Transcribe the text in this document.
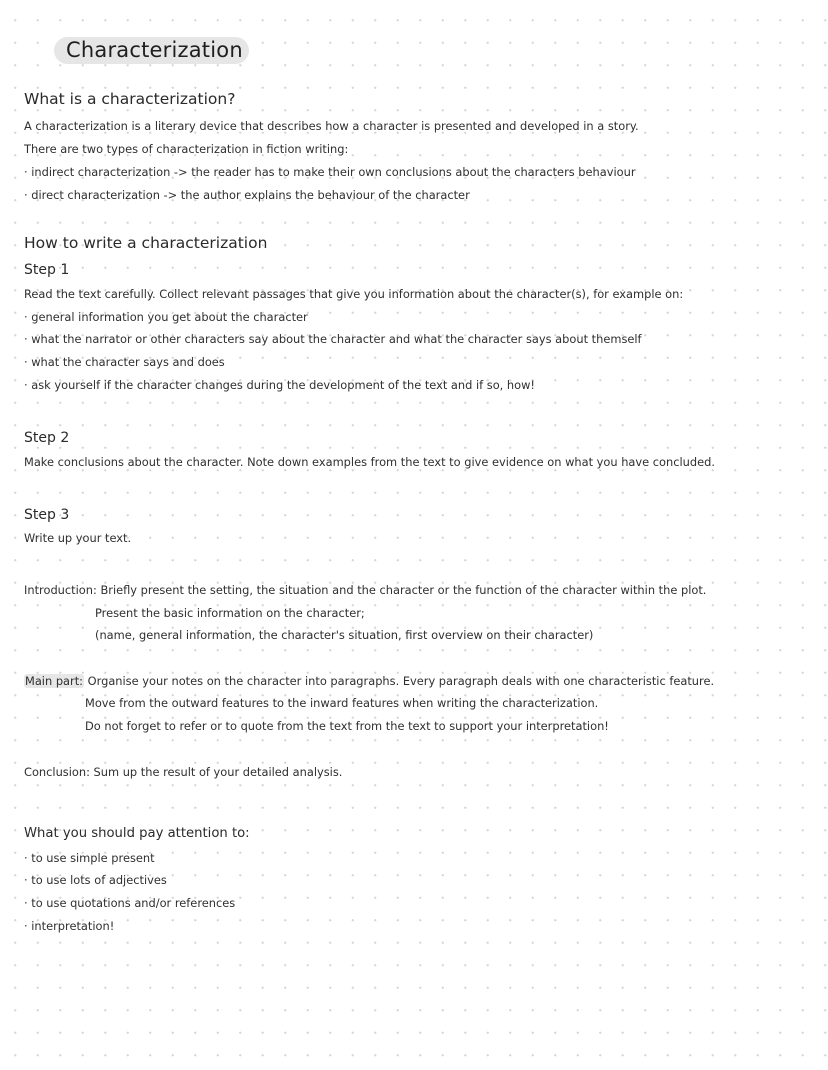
Characterization
What is a characterization?
A characterization is a literary device that describes how a character is presented and developed in a story.
There are two types of characterization in fiction writing:
· indirect characterization -> the reader has to make their own conclusions about the characters behaviour
· direct characterization -> the author explains the behaviour of the character
How to write a characterization
Step 1
Read the text carefully. Collect relevant passages that give you information about the character(s), for example on:
· general information you get about the character
· what the narrator or other characters say about the character and what the character says about themself
· what the character says and does
· ask yourself if the character changes during the development of the text and if so, how!
Step 2
Make conclusions about the character. Note down examples from the text to give evidence on what you have concluded.
Step 3
Write up your text.
Introduction: Briefly present the setting, the situation and the character or the function of the character within the plot.
Present the basic information on the character;
(name, general information, the character's situation, first overview on their character)
Main part: Organise your notes on the character into paragraphs. Every paragraph deals with one characteristic feature.
Move from the outward features to the inward features when writing the characterization.
Do not forget to refer or to quote from the text from the text to support your interpretation!
Conclusion: Sum up the result of your detailed analysis.
What you should pay attention to:
· to use simple present
· to use lots of adjectives
· to use quotations and/or references
· interpretation!
